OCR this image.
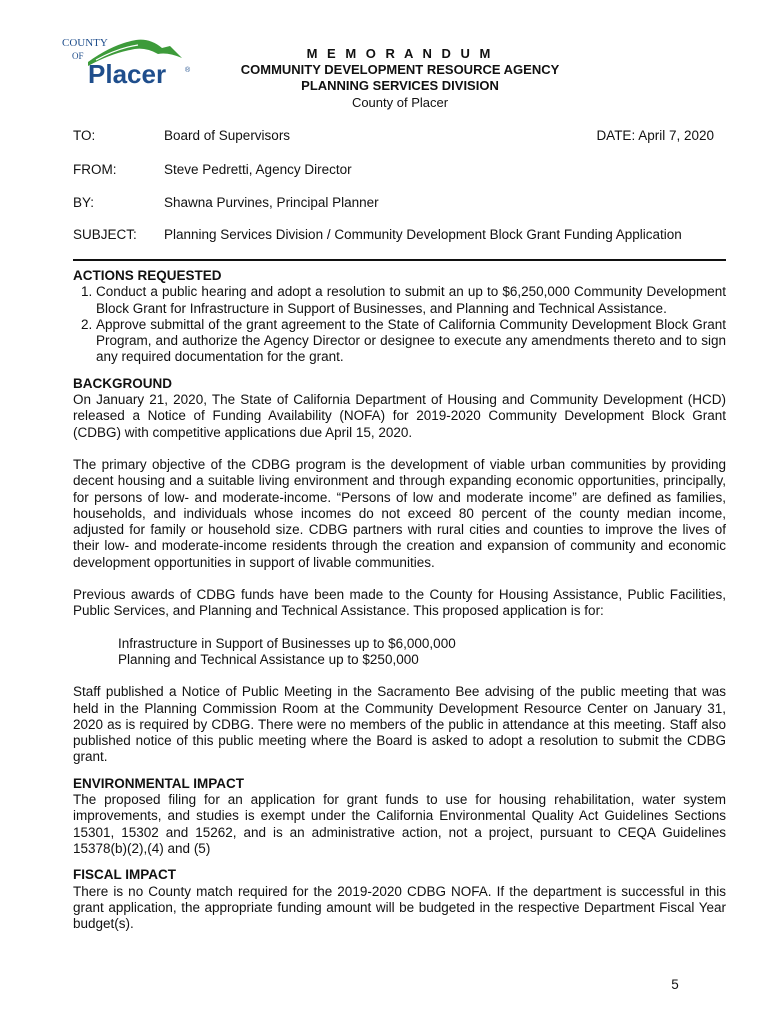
COUNTY
OF
Placer	®
M E M O R A N D U M
COMMUNITY DEVELOPMENT RESOURCE AGENCY
PLANNING SERVICES DIVISION
County of Placer
TO:	Board of Supervisors	DATE: April 7, 2020
FROM:	Steve Pedretti, Agency Director
BY:	Shawna Purvines, Principal Planner
SUBJECT: Planning Services Division / Community Development Block Grant Funding Application

ACTIONS REQUESTED

1. Conduct a public hearing and adopt a resolution to submit an up to $6,250,000 Community Development Block Grant for Infrastructure in Support of Businesses, and Planning and Technical Assistance.
2. Approve submittal of the grant agreement to the State of California Community Development Block Grant Program, and authorize the Agency Director or designee to execute any amendments thereto and to sign any required documentation for the grant.

BACKGROUND

On January 21, 2020, The State of California Department of Housing and Community Development (HCD) released a Notice of Funding Availability (NOFA) for 2019-2020 Community Development Block Grant (CDBG) with competitive applications due April 15, 2020.

The primary objective of the CDBG program is the development of viable urban communities by providing decent housing and a suitable living environment and through expanding economic opportunities, principally, for persons of low- and moderate-income. “Persons of low and moderate income” are defined as families, households, and individuals whose incomes do not exceed 80 percent of the county median income, adjusted for family or household size. CDBG partners with rural cities and counties to improve the lives of their low- and moderate-income residents through the creation and expansion of community and economic development opportunities in support of livable communities.

Previous awards of CDBG funds have been made to the County for Housing Assistance, Public Facilities, Public Services, and Planning and Technical Assistance. This proposed application is for:

Infrastructure in Support of Businesses up to $6,000,000
Planning and Technical Assistance up to $250,000

Staff published a Notice of Public Meeting in the Sacramento Bee advising of the public meeting that was held in the Planning Commission Room at the Community Development Resource Center on January 31, 2020 as is required by CDBG. There were no members of the public in attendance at this meeting. Staff also published notice of this public meeting where the Board is asked to adopt a resolution to submit the CDBG grant.

ENVIRONMENTAL IMPACT

The proposed filing for an application for grant funds to use for housing rehabilitation, water system improvements, and studies is exempt under the California Environmental Quality Act Guidelines Sections 15301, 15302 and 15262, and is an administrative action, not a project, pursuant to CEQA Guidelines 15378(b)(2),(4) and (5)

FISCAL IMPACT

There is no County match required for the 2019-2020 CDBG NOFA. If the department is successful in this grant application, the appropriate funding amount will be budgeted in the respective Department Fiscal Year budget(s).

5
